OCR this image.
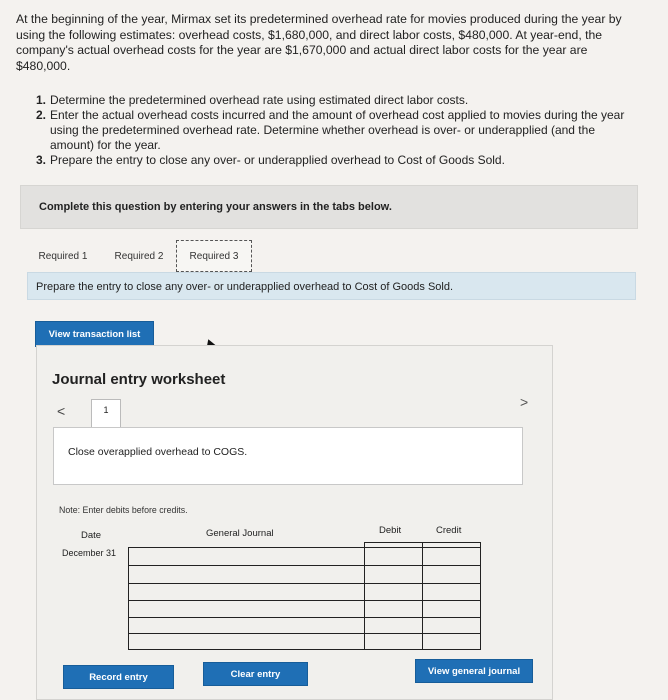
At the beginning of the year, Mirmax set its predetermined overhead rate for movies produced during the year by using the following estimates: overhead costs, $1,680,000, and direct labor costs, $480,000. At year-end, the company's actual overhead costs for the year are $1,670,000 and actual direct labor costs for the year are $480,000.
1. Determine the predetermined overhead rate using estimated direct labor costs.
2. Enter the actual overhead costs incurred and the amount of overhead cost applied to movies during the year using the predetermined overhead rate. Determine whether overhead is over- or underapplied (and the amount) for the year.
3. Prepare the entry to close any over- or underapplied overhead to Cost of Goods Sold.
Complete this question by entering your answers in the tabs below.
Required 1	Required 2	Required 3
Prepare the entry to close any over- or underapplied overhead to Cost of Goods Sold.
View transaction list
Journal entry worksheet
<	1
Close overapplied overhead to COGS.
Note: Enter debits before credits.
Date	General Journal	Debit	Credit
December 31
Record entry	Clear entry	View general journal
>
